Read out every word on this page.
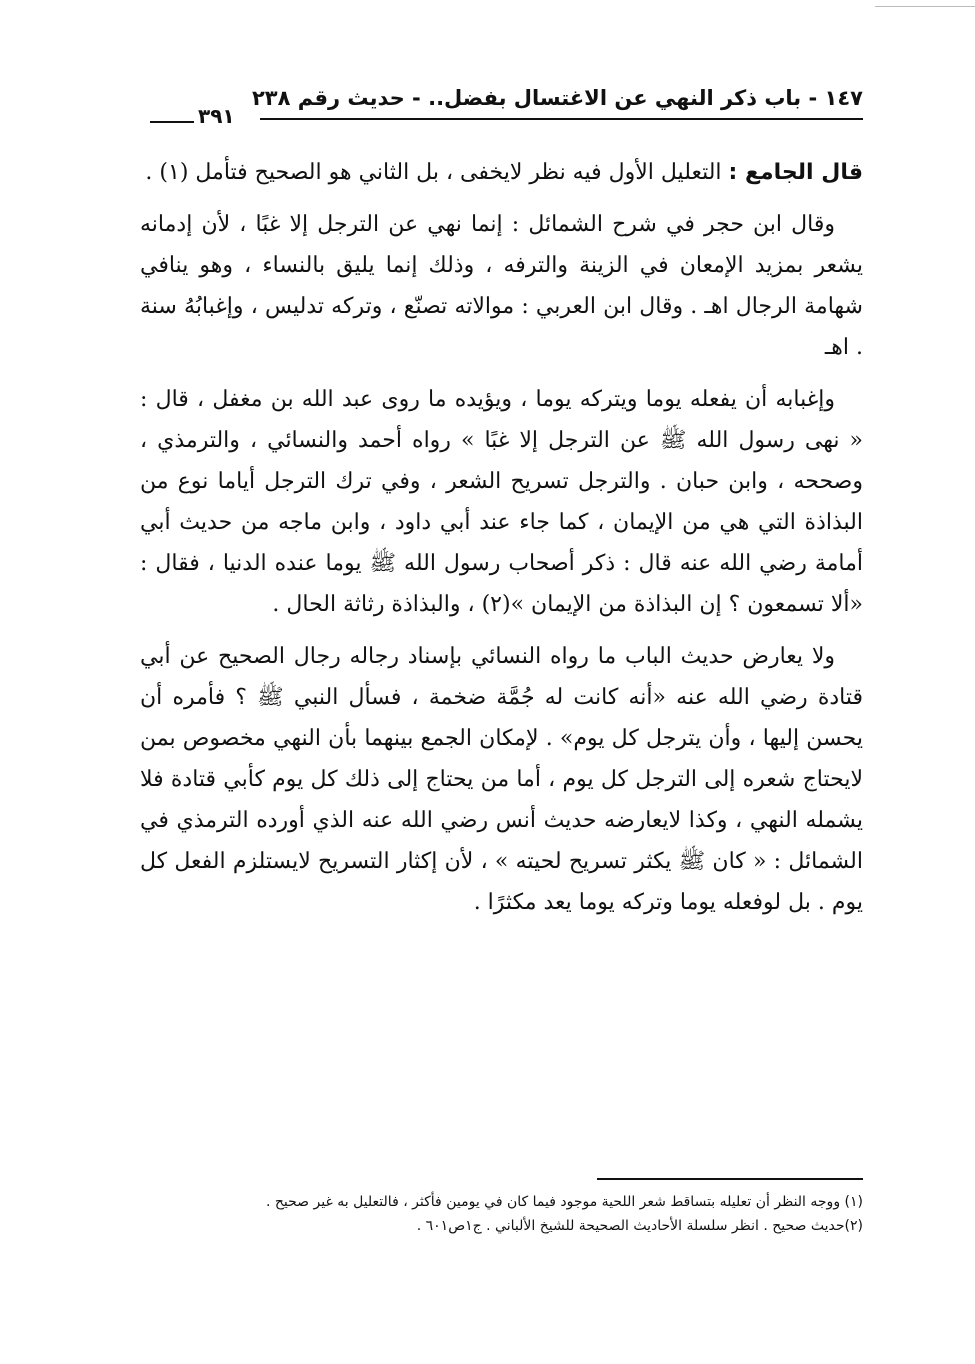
١٤٧ - باب ذكر النهي عن الاغتسال بفضل.. - حديث رقم ٢٣٨
٣٩١

قال الجامع : التعليل الأول فيه نظر لايخفى ، بل الثاني هو الصحيح فتأمل (١) .

وقال ابن حجر في شرح الشمائل : إنما نهي عن الترجل إلا غبًا ، لأن إدمانه يشعر بمزيد الإمعان في الزينة والترفه ، وذلك إنما يليق بالنساء ، وهو ينافي شهامة الرجال اهـ . وقال ابن العربي : موالاته تصنّع ، وتركه تدليس ، وإغبابُهُ سنة . اهـ

وإغبابه أن يفعله يوما ويتركه يوما ، ويؤيده ما روى عبد الله بن مغفل ، قال : « نهى رسول الله ﷺ عن الترجل إلا غبًا » رواه أحمد والنسائي ، والترمذي ، وصححه ، وابن حبان . والترجل تسريح الشعر ، وفي ترك الترجل أياما نوع من البذاذة التي هي من الإيمان ، كما جاء عند أبي داود ، وابن ماجه من حديث أبي أمامة رضي الله عنه قال : ذكر أصحاب رسول الله ﷺ يوما عنده الدنيا ، فقال : «ألا تسمعون ؟ إن البذاذة من الإيمان »(٢) ، والبذاذة رثاثة الحال .

ولا يعارض حديث الباب ما رواه النسائي بإسناد رجاله رجال الصحيح عن أبي قتادة رضي الله عنه «أنه كانت له جُمَّة ضخمة ، فسأل النبي ﷺ ؟ فأمره أن يحسن إليها ، وأن يترجل كل يوم» . لإمكان الجمع بينهما بأن النهي مخصوص بمن لايحتاج شعره إلى الترجل كل يوم ، أما من يحتاج إلى ذلك كل يوم كأبي قتادة فلا يشمله النهي ، وكذا لايعارضه حديث أنس رضي الله عنه الذي أورده الترمذي في الشمائل : « كان ﷺ يكثر تسريح لحيته » ، لأن إكثار التسريح لايستلزم الفعل كل يوم . بل لوفعله يوما وتركه يوما يعد مكثرًا .

(١) ووجه النظر أن تعليله بتساقط شعر اللحية موجود فيما كان في يومين فأكثر ، فالتعليل به غير صحيح .

(٢)حديث صحيح . انظر سلسلة الأحاديث الصحيحة للشيخ الألباني . ج١ص٦٠١ .
